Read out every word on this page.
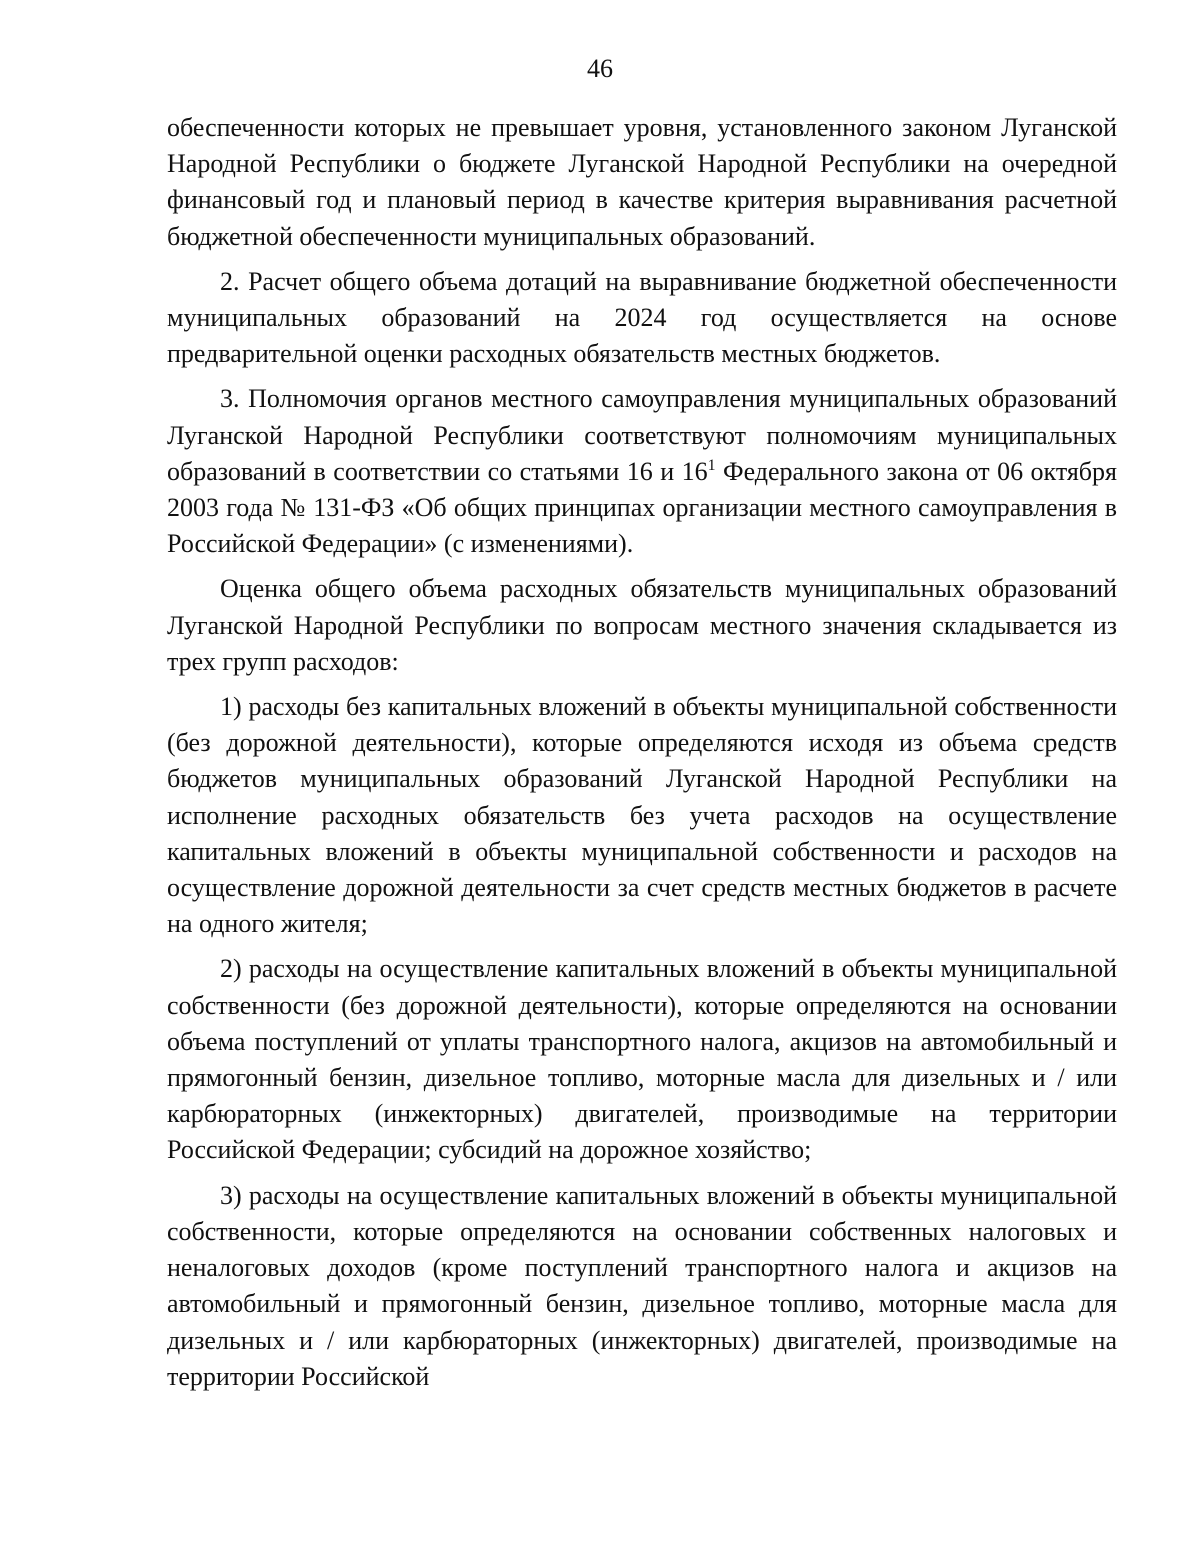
46

обеспеченности которых не превышает уровня, установленного законом Луганской Народной Республики о бюджете Луганской Народной Республики на очередной финансовый год и плановый период в качестве критерия выравнивания расчетной бюджетной обеспеченности муниципальных образований.

2. Расчет общего объема дотаций на выравнивание бюджетной обеспеченности муниципальных образований на 2024 год осуществляется на основе предварительной оценки расходных обязательств местных бюджетов.

3. Полномочия органов местного самоуправления муниципальных образований Луганской Народной Республики соответствуют полномочиям муниципальных образований в соответствии со статьями 16 и $16^1$ Федерального закона от 06 октября 2003 года № 131-ФЗ «Об общих принципах организации местного самоуправления в Российской Федерации» (с изменениями).

Оценка общего объема расходных обязательств муниципальных образований Луганской Народной Республики по вопросам местного значения складывается из трех групп расходов:

1) расходы без капитальных вложений в объекты муниципальной собственности (без дорожной деятельности), которые определяются исходя из объема средств бюджетов муниципальных образований Луганской Народной Республики на исполнение расходных обязательств без учета расходов на осуществление капитальных вложений в объекты муниципальной собственности и расходов на осуществление дорожной деятельности за счет средств местных бюджетов в расчете на одного жителя;

2) расходы на осуществление капитальных вложений в объекты муниципальной собственности (без дорожной деятельности), которые определяются на основании объема поступлений от уплаты транспортного налога, акцизов на автомобильный и прямогонный бензин, дизельное топливо, моторные масла для дизельных и / или карбюраторных (инжекторных) двигателей, производимые на территории Российской Федерации; субсидий на дорожное хозяйство;

3) расходы на осуществление капитальных вложений в объекты муниципальной собственности, которые определяются на основании собственных налоговых и неналоговых доходов (кроме поступлений транспортного налога и акцизов на автомобильный и прямогонный бензин, дизельное топливо, моторные масла для дизельных и / или карбюраторных (инжекторных) двигателей, производимые на территории Российской
